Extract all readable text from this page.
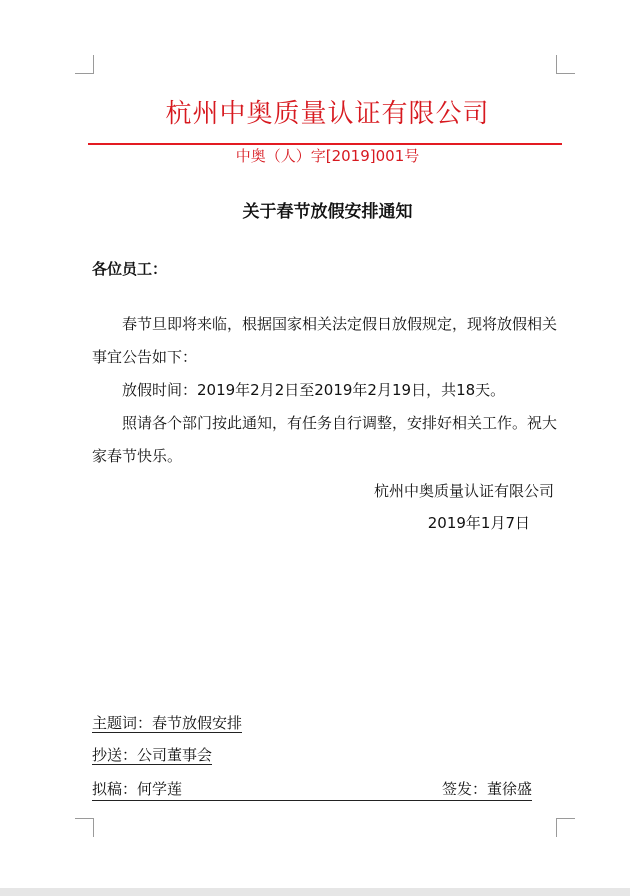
杭州中奥质量认证有限公司
中奥（人）字[2019]001号
关于春节放假安排通知
各位员工：

春节旦即将来临，根据国家相关法定假日放假规定，现将放假相关事宜公告如下：

放假时间：2019年2月2日至2019年2月19日，共18天。

照请各个部门按此通知，有任务自行调整，安排好相关工作。祝大家春节快乐。

杭州中奥质量认证有限公司
2019年1月7日
主题词：春节放假安排
抄送：公司董事会
拟稿：何学莲	签发：董徐盛
